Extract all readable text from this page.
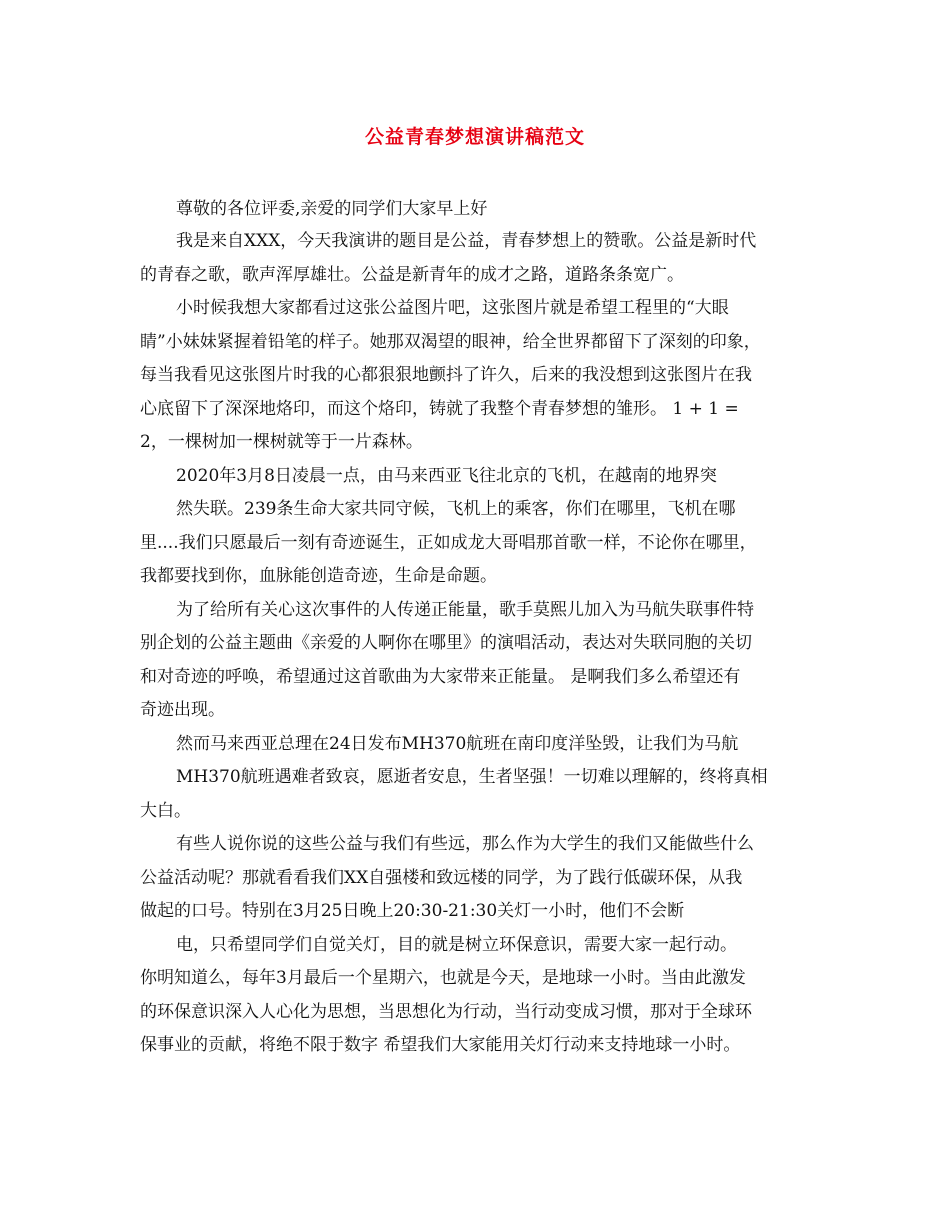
公益青春梦想演讲稿范文

尊敬的各位评委,亲爱的同学们大家早上好

我是来自XXX，今天我演讲的题目是公益，青春梦想上的赞歌。公益是新时代

的青春之歌，歌声浑厚雄壮。公益是新青年的成才之路，道路条条宽广。

小时候我想大家都看过这张公益图片吧，这张图片就是希望工程里的“大眼

睛”小妹妹紧握着铅笔的样子。她那双渴望的眼神，给全世界都留下了深刻的印象，

每当我看见这张图片时我的心都狠狠地颤抖了许久，后来的我没想到这张图片在我

心底留下了深深地烙印，而这个烙印，铸就了我整个青春梦想的雏形。 1 + 1 =

2，一棵树加一棵树就等于一片森林。

2020年3月8日凌晨一点，由马来西亚飞往北京的飞机，在越南的地界突

然失联。239条生命大家共同守候，飞机上的乘客，你们在哪里，飞机在哪

里....我们只愿最后一刻有奇迹诞生，正如成龙大哥唱那首歌一样，不论你在哪里，

我都要找到你，血脉能创造奇迹，生命是命题。

为了给所有关心这次事件的人传递正能量，歌手莫熙儿加入为马航失联事件特

别企划的公益主题曲《亲爱的人啊你在哪里》的演唱活动，表达对失联同胞的关切

和对奇迹的呼唤，希望通过这首歌曲为大家带来正能量。 是啊我们多么希望还有

奇迹出现。

然而马来西亚总理在24日发布MH370航班在南印度洋坠毁，让我们为马航

MH370航班遇难者致哀，愿逝者安息，生者坚强！一切难以理解的，终将真相

大白。

有些人说你说的这些公益与我们有些远，那么作为大学生的我们又能做些什么

公益活动呢？那就看看我们XX自强楼和致远楼的同学，为了践行低碳环保，从我

做起的口号。特别在3月25日晚上20:30-21:30关灯一小时，他们不会断

电，只希望同学们自觉关灯，目的就是树立环保意识，需要大家一起行动。

你明知道么，每年3月最后一个星期六，也就是今天，是地球一小时。当由此激发

的环保意识深入人心化为思想，当思想化为行动，当行动变成习惯，那对于全球环

保事业的贡献，将绝不限于数字 希望我们大家能用关灯行动来支持地球一小时。
